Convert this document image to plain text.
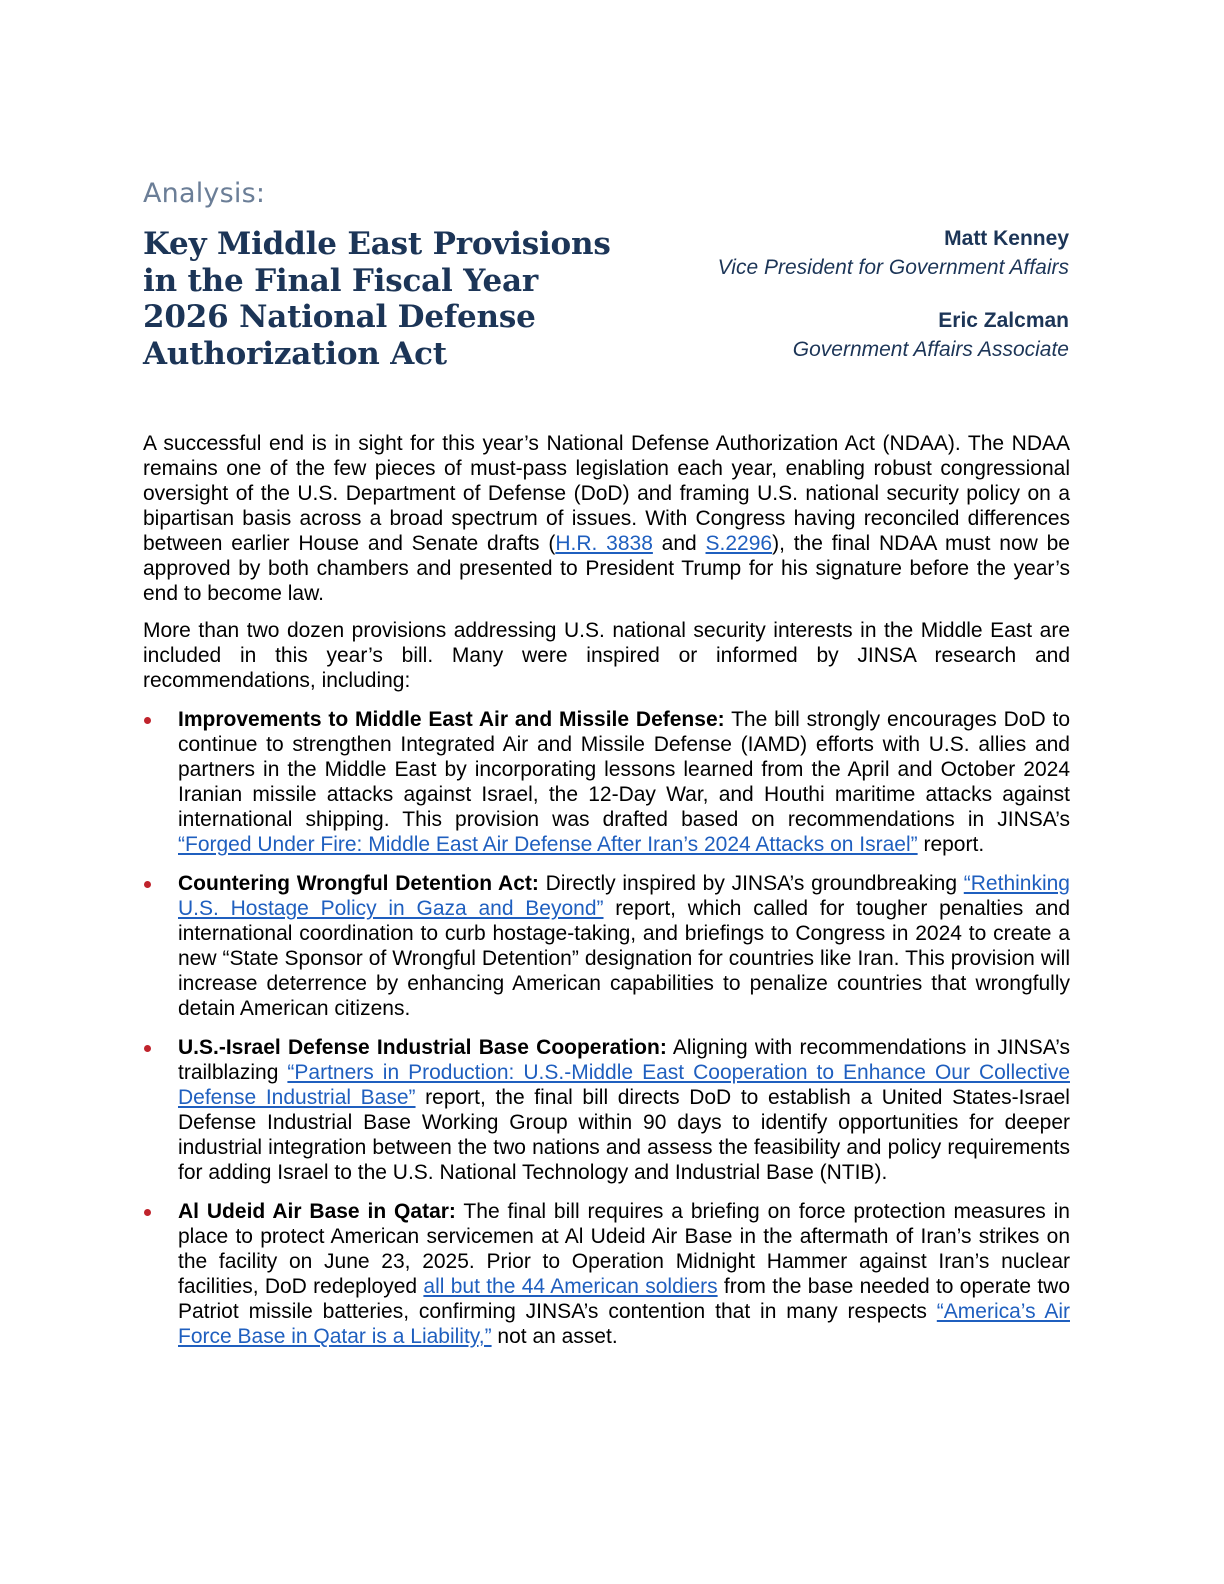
Analysis:
Key Middle East Provisions
in the Final Fiscal Year
2026 National Defense
Authorization Act
Matt Kenney
Vice President for Government Affairs
Eric Zalcman
Government Affairs Associate

A successful end is in sight for this year’s National Defense Authorization Act (NDAA). The NDAA remains one of the few pieces of must-pass legislation each year, enabling robust congressional oversight of the U.S. Department of Defense (DoD) and framing U.S. national security policy on a bipartisan basis across a broad spectrum of issues. With Congress having reconciled differences between earlier House and Senate drafts (H.R. 3838 and S.2296), the final NDAA must now be approved by both chambers and presented to President Trump for his signature before the year’s end to become law.

More than two dozen provisions addressing U.S. national security interests in the Middle East are included in this year’s bill. Many were inspired or informed by JINSA research and recommendations, including:

Improvements to Middle East Air and Missile Defense: The bill strongly encourages DoD to continue to strengthen Integrated Air and Missile Defense (IAMD) efforts with U.S. allies and partners in the Middle East by incorporating lessons learned from the April and October 2024 Iranian missile attacks against Israel, the 12-Day War, and Houthi maritime attacks against international shipping. This provision was drafted based on recommendations in JINSA’s “Forged Under Fire: Middle East Air Defense After Iran’s 2024 Attacks on Israel” report.
Countering Wrongful Detention Act: Directly inspired by JINSA’s groundbreaking “Rethinking U.S. Hostage Policy in Gaza and Beyond” report, which called for tougher penalties and international coordination to curb hostage-taking, and briefings to Congress in 2024 to create a new “State Sponsor of Wrongful Detention” designation for countries like Iran. This provision will increase deterrence by enhancing American capabilities to penalize countries that wrongfully detain American citizens.
U.S.-Israel Defense Industrial Base Cooperation: Aligning with recommendations in JINSA’s trailblazing “Partners in Production: U.S.-Middle East Cooperation to Enhance Our Collective Defense Industrial Base” report, the final bill directs DoD to establish a United States-Israel Defense Industrial Base Working Group within 90 days to identify opportunities for deeper industrial integration between the two nations and assess the feasibility and policy requirements for adding Israel to the U.S. National Technology and Industrial Base (NTIB).
Al Udeid Air Base in Qatar: The final bill requires a briefing on force protection measures in place to protect American servicemen at Al Udeid Air Base in the aftermath of Iran’s strikes on the facility on June 23, 2025. Prior to Operation Midnight Hammer against Iran’s nuclear facilities, DoD redeployed all but the 44 American soldiers from the base needed to operate two Patriot missile batteries, confirming JINSA’s contention that in many respects “America’s Air Force Base in Qatar is a Liability,” not an asset.
